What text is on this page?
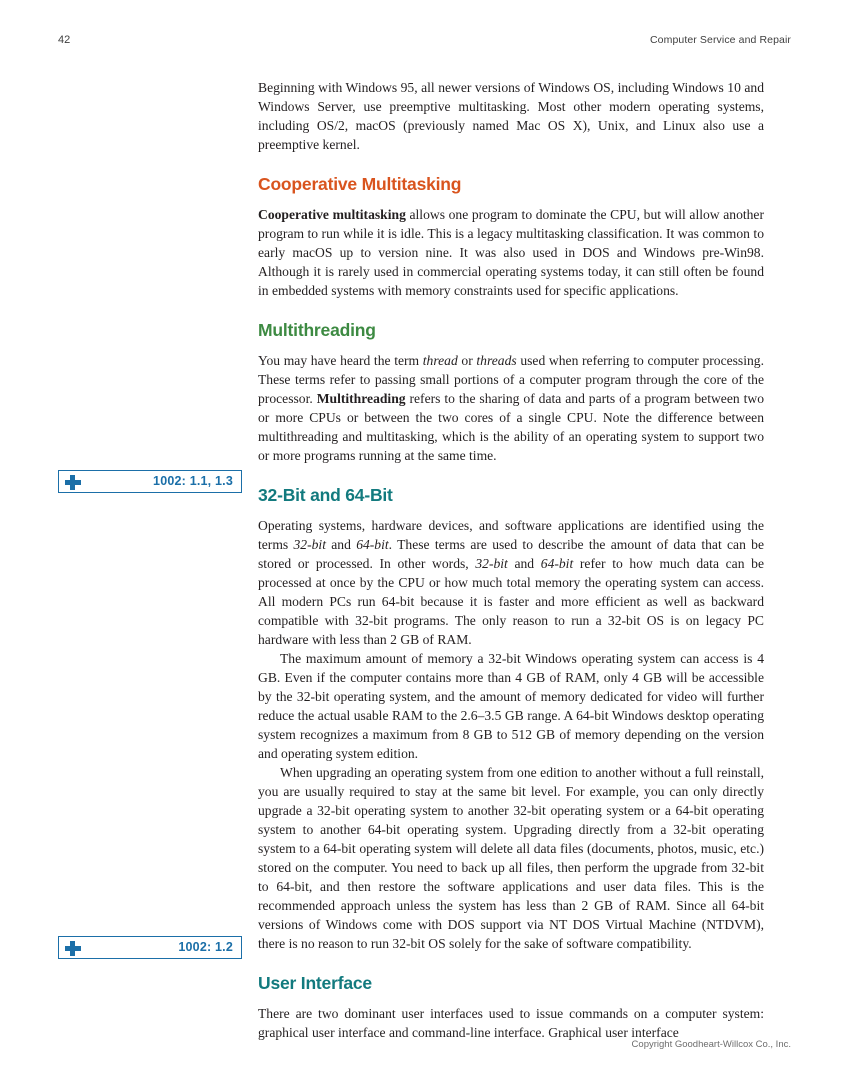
42	Computer Service and Repair
1002: 1.1, 1.3
1002: 1.2

Beginning with Windows 95, all newer versions of Windows OS, including Windows 10 and Windows Server, use preemptive multitasking. Most other modern operating systems, including OS/2, macOS (previously named Mac OS X), Unix, and Linux also use a preemptive kernel.

Cooperative Multitasking

Cooperative multitasking allows one program to dominate the CPU, but will allow another program to run while it is idle. This is a legacy multitasking classification. It was common to early macOS up to version nine. It was also used in DOS and Windows pre-Win98. Although it is rarely used in commercial operating systems today, it can still often be found in embedded systems with memory constraints used for specific applications.

Multithreading

You may have heard the term thread or threads used when referring to computer processing. These terms refer to passing small portions of a computer program through the core of the processor. Multithreading refers to the sharing of data and parts of a program between two or more CPUs or between the two cores of a single CPU. Note the difference between multithreading and multitasking, which is the ability of an operating system to support two or more programs running at the same time.

32-Bit and 64-Bit

Operating systems, hardware devices, and software applications are identified using the terms 32-bit and 64-bit. These terms are used to describe the amount of data that can be stored or processed. In other words, 32-bit and 64-bit refer to how much data can be processed at once by the CPU or how much total memory the operating system can access. All modern PCs run 64-bit because it is faster and more efficient as well as backward compatible with 32-bit programs. The only reason to run a 32-bit OS is on legacy PC hardware with less than 2 GB of RAM.

The maximum amount of memory a 32-bit Windows operating system can access is 4 GB. Even if the computer contains more than 4 GB of RAM, only 4 GB will be accessible by the 32-bit operating system, and the amount of memory dedicated for video will further reduce the actual usable RAM to the 2.6–3.5 GB range. A 64-bit Windows desktop operating system recognizes a maximum from 8 GB to 512 GB of memory depending on the version and operating system edition.

When upgrading an operating system from one edition to another without a full reinstall, you are usually required to stay at the same bit level. For example, you can only directly upgrade a 32-bit operating system to another 32-bit operating system or a 64-bit operating system to another 64-bit operating system. Upgrading directly from a 32-bit operating system to a 64-bit operating system will delete all data files (documents, photos, music, etc.) stored on the computer. You need to back up all files, then perform the upgrade from 32-bit to 64-bit, and then restore the software applications and user data files. This is the recommended approach unless the system has less than 2 GB of RAM. Since all 64-bit versions of Windows come with DOS support via NT DOS Virtual Machine (NTDVM), there is no reason to run 32-bit OS solely for the sake of software compatibility.

User Interface

There are two dominant user interfaces used to issue commands on a computer system: graphical user interface and command-line interface. Graphical user interface

Copyright Goodheart-Willcox Co., Inc.
